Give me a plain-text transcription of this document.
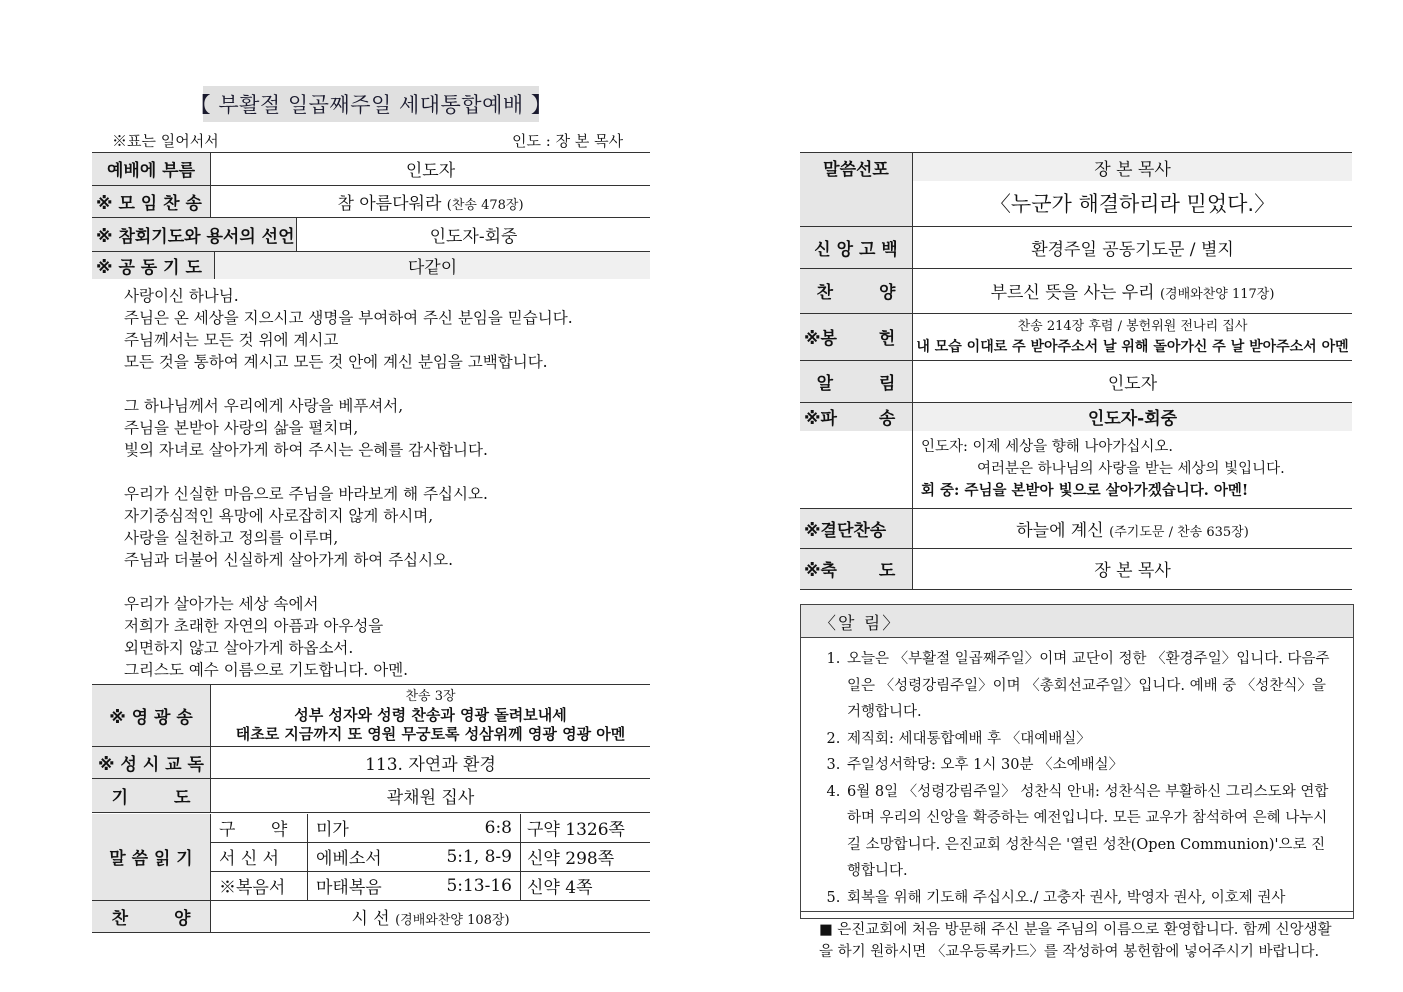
【 부활절 일곱째주일 세대통합예배 】
※표는 일어서서	인도 : 장 본 목사
예배에 부름	인도자
※ 모 임 찬 송	참 아름다워라 (찬송 478장)
※ 참회기도와 용서의 선언	인도자-회중
※ 공 동 기 도	다같이
사랑이신 하나님.
주님은 온 세상을 지으시고 생명을 부여하여 주신 분임을 믿습니다.
주님께서는 모든 것 위에 계시고
모든 것을 통하여 계시고 모든 것 안에 계신 분임을 고백합니다.

그 하나님께서 우리에게 사랑을 베푸셔서,
주님을 본받아 사랑의 삶을 펼치며,
빛의 자녀로 살아가게 하여 주시는 은혜를 감사합니다.

우리가 신실한 마음으로 주님을 바라보게 해 주십시오.
자기중심적인 욕망에 사로잡히지 않게 하시며,
사랑을 실천하고 정의를 이루며,
주님과 더불어 신실하게 살아가게 하여 주십시오.

우리가 살아가는 세상 속에서
저희가 초래한 자연의 아픔과 아우성을
외면하지 않고 살아가게 하옵소서.
그리스도 예수 이름으로 기도합니다. 아멘.
※ 영 광 송	찬송 3장
성부 성자와 성령 찬송과 영광 돌려보내세
태초로 지금까지 또 영원 무궁토록 성삼위께 영광 영광 아멘

※ 성 시 교 독	113. 자연과 환경
기 도	곽채원 집사
말 씀 읽 기	구 약	미가	6:8	구약 1326쪽
	서 신 서	에베소서	5:1, 8-9	신약 298쪽
	※복음서	마태복음	5:13-16	신약 4쪽
찬 양	시 선 (경배와찬양 108장)
말씀선포	장 본 목사
	〈누군가 해결하리라 믿었다.〉
신 앙 고 백	환경주일 공동기도문 / 별지
찬 양	부르신 뜻을 사는 우리 (경배와찬양 117장)
※봉 헌	찬송 214장 후렴 / 봉헌위원 전나리 집사
내 모습 이대로 주 받아주소서 날 위해 돌아가신 주 날 받아주소서 아멘

알 림	인도자
※파 송	인도자-회중

	인도자: 이제 세상을 향해 나아가십시오.
여러분은 하나님의 사랑을 받는 세상의 빛입니다.
회 중: 주님을 본받아 빛으로 살아가겠습니다. 아멘!

※결단찬송	하늘에 계신 (주기도문 / 찬송 635장)
※축 도	장 본 목사
〈알 림〉
1. 오늘은 〈부활절 일곱째주일〉이며 교단이 정한 〈환경주일〉입니다. 다음주일은 〈성령강림주일〉이며 〈총회선교주일〉입니다. 예배 중 〈성찬식〉을 거행합니다.
2. 제직회: 세대통합예배 후 〈대예배실〉
3. 주일성서학당: 오후 1시 30분 〈소예배실〉
4. 6월 8일 〈성령강림주일〉 성찬식 안내: 성찬식은 부활하신 그리스도와 연합하며 우리의 신앙을 확증하는 예전입니다. 모든 교우가 참석하여 은혜 나누시길 소망합니다. 은진교회 성찬식은 '열린 성찬(Open Communion)'으로 진행합니다.
5. 회복을 위해 기도해 주십시오./ 고충자 권사, 박영자 권사, 이호제 권사
■ 은진교회에 처음 방문해 주신 분을 주님의 이름으로 환영합니다. 함께 신앙생활을 하기 원하시면 〈교우등록카드〉를 작성하여 봉헌함에 넣어주시기 바랍니다.
